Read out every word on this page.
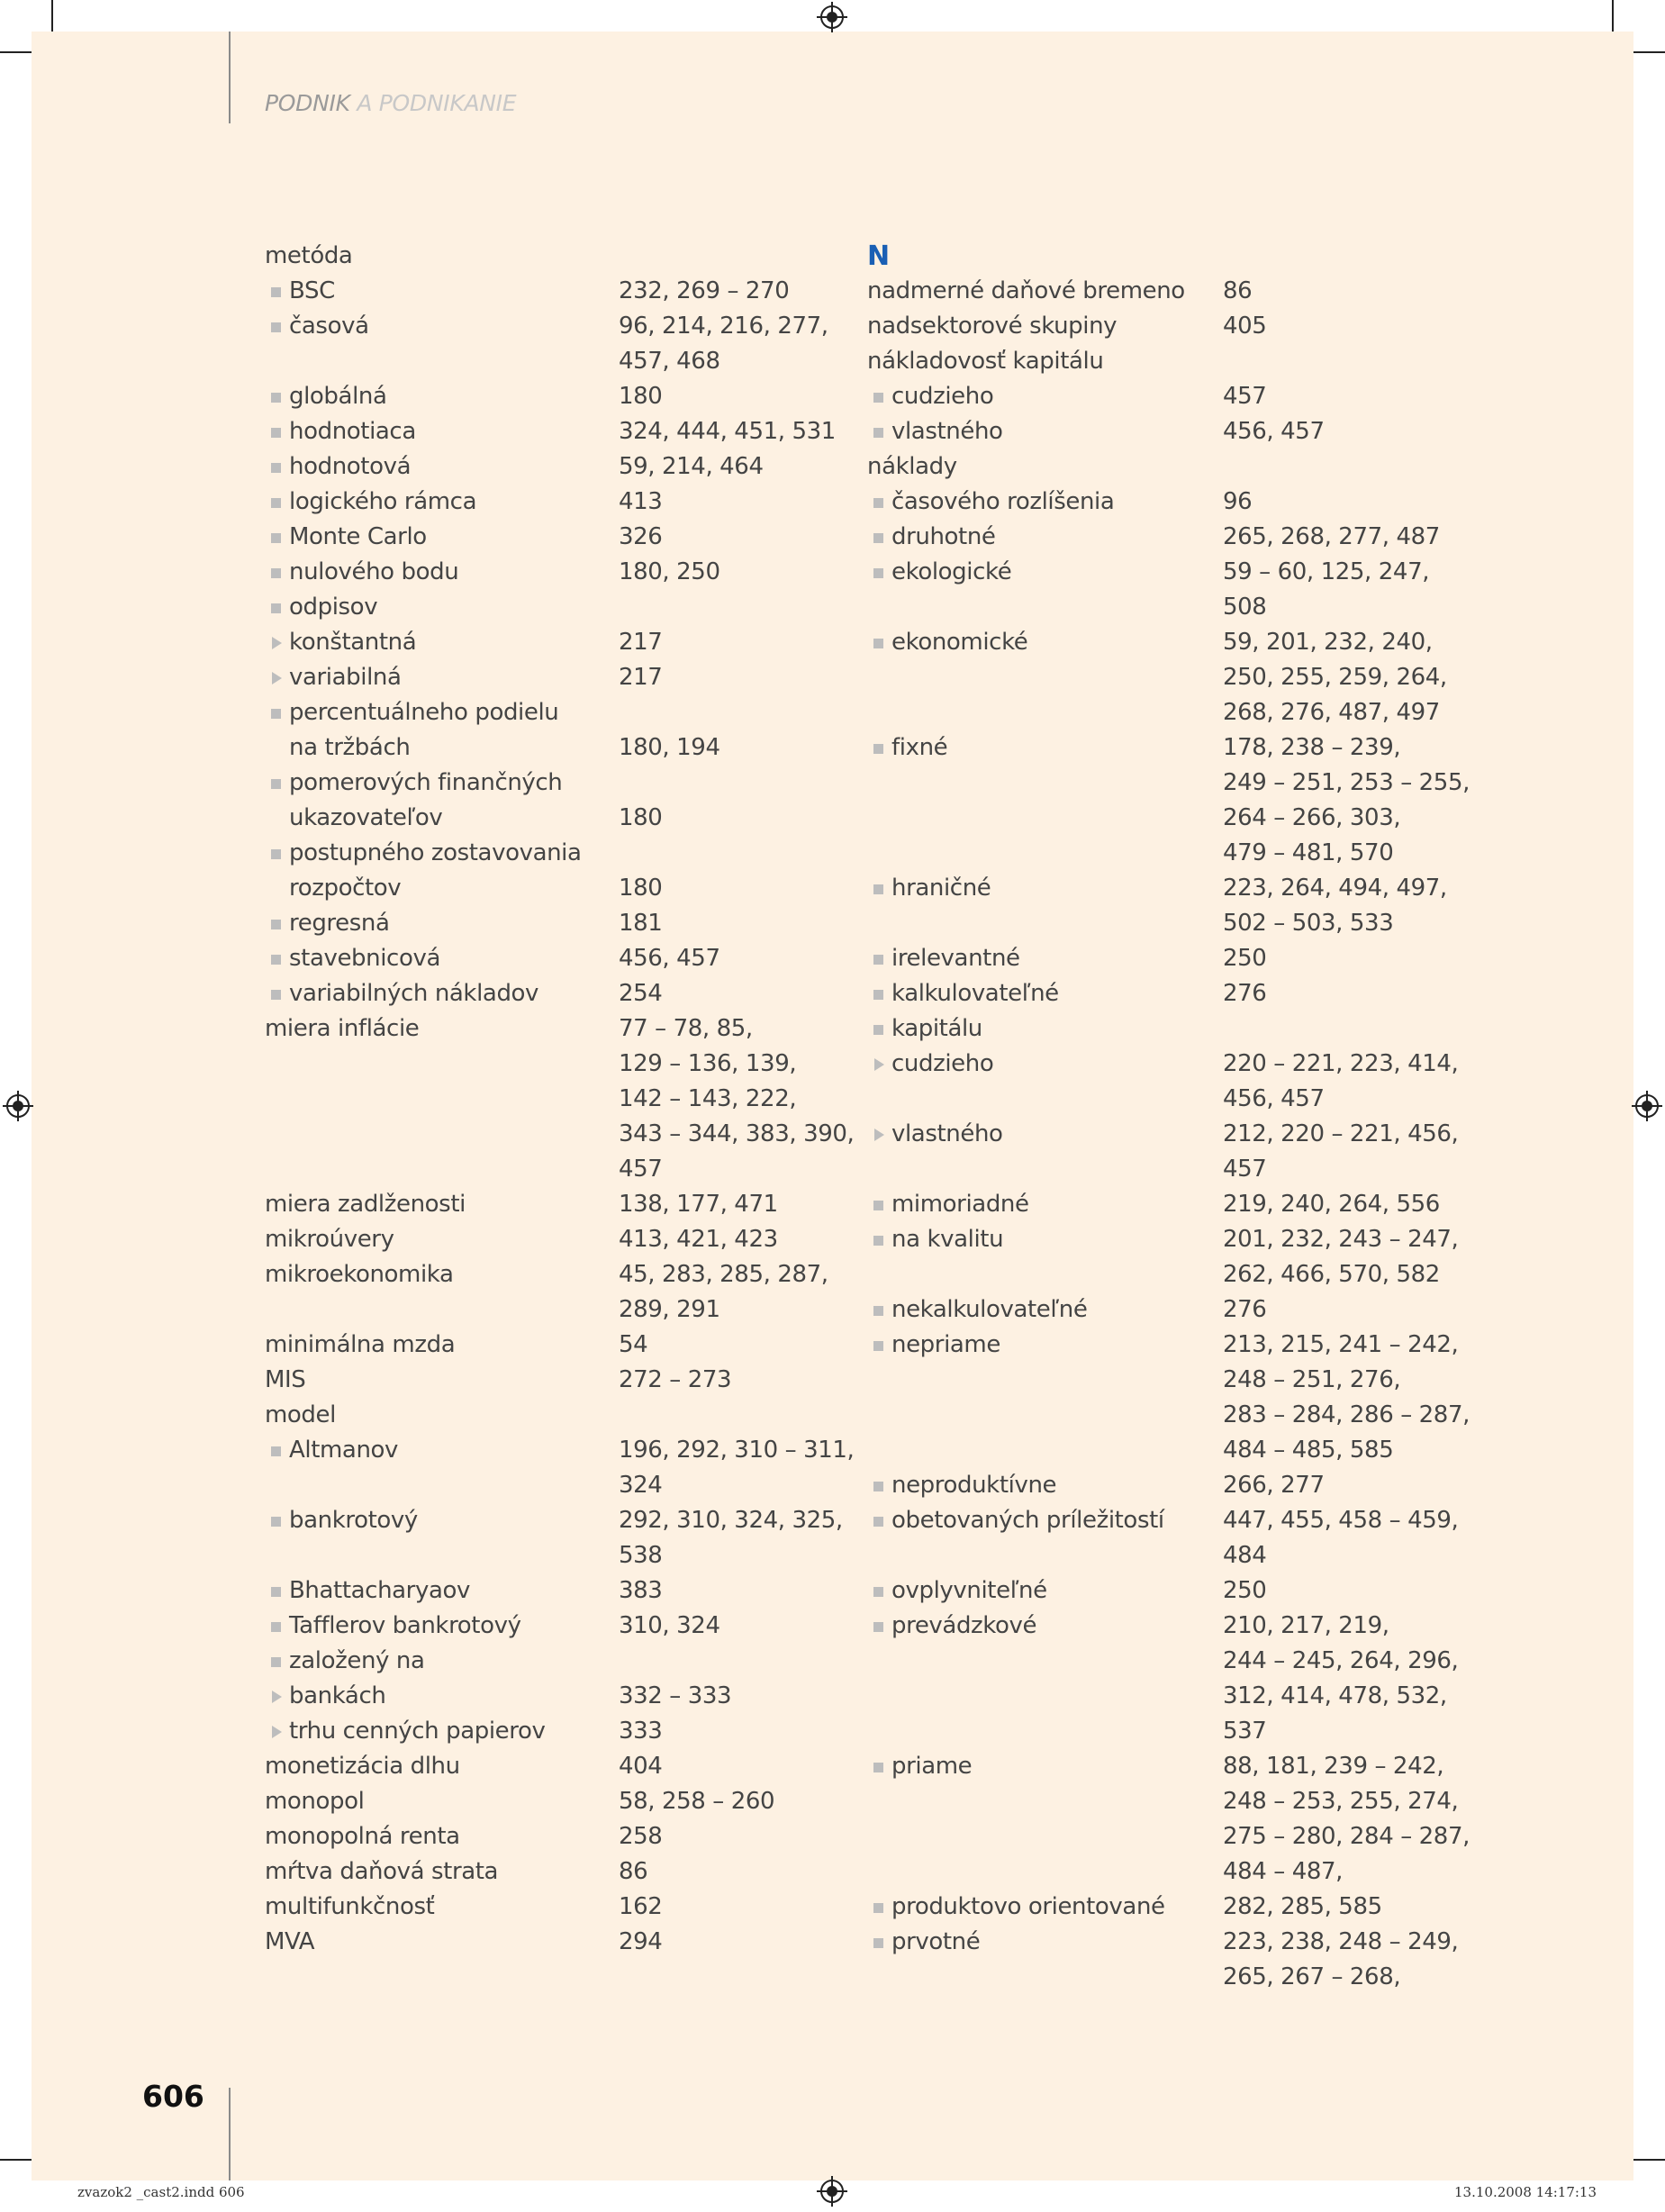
PODNIK A PODNIKANIE
metóda
BSC	232, 269 – 270
časová	96, 214, 216, 277,
457, 468
globálná	180
hodnotiaca	324, 444, 451, 531
hodnotová	59, 214, 464
logického rámca	413
Monte Carlo	326
nulového bodu	180, 250
odpisov
konštantná	217
variabilná	217
percentuálneho podielu
na tržbách	180, 194
pomerových finančných
ukazovateľov	180
postupného zostavovania
rozpočtov	180
regresná	181
stavebnicová	456, 457
variabilných nákladov	254
miera inflácie	77 – 78, 85,
129 – 136, 139,
142 – 143, 222,
343 – 344, 383, 390,
457
miera zadlženosti	138, 177, 471
mikroúvery	413, 421, 423
mikroekonomika	45, 283, 285, 287,
289, 291
minimálna mzda	54
MIS	272 – 273
model
Altmanov	196, 292, 310 – 311,
324
bankrotový	292, 310, 324, 325,
538
Bhattacharyaov	383
Tafflerov bankrotový	310, 324
založený na
bankách	332 – 333
trhu cenných papierov	333
monetizácia dlhu	404
monopol	58, 258 – 260
monopolná renta	258
mŕtva daňová strata	86
multifunkčnosť	162
MVA	294
N
nadmerné daňové bremeno 86
nadsektorové skupiny	405
nákladovosť kapitálu
cudzieho	457
vlastného	456, 457
náklady
časového rozlíšenia	96
druhotné	265, 268, 277, 487
ekologické	59 – 60, 125, 247,
508
ekonomické	59, 201, 232, 240,
250, 255, 259, 264,
268, 276, 487, 497
fixné	178, 238 – 239,
249 – 251, 253 – 255,
264 – 266, 303,
479 – 481, 570
hraničné	223, 264, 494, 497,
502 – 503, 533
irelevantné	250
kalkulovateľné	276
kapitálu
cudzieho	220 – 221, 223, 414,
456, 457
vlastného	212, 220 – 221, 456,
457
mimoriadné	219, 240, 264, 556
na kvalitu	201, 232, 243 – 247,
262, 466, 570, 582
nekalkulovateľné	276
nepriame	213, 215, 241 – 242,
248 – 251, 276,
283 – 284, 286 – 287,
484 – 485, 585
neproduktívne	266, 277
obetovaných príležitostí	447, 455, 458 – 459,
484
ovplyvniteľné	250
prevádzkové	210, 217, 219,
244 – 245, 264, 296,
312, 414, 478, 532,
537
priame	88, 181, 239 – 242,
248 – 253, 255, 274,
275 – 280, 284 – 287,
484 – 487,
produktovo orientované 282, 285, 585
prvotné	223, 238, 248 – 249,
265, 267 – 268,
606
zvazok2 _cast2.indd 606	13.10.2008 14:17:13
